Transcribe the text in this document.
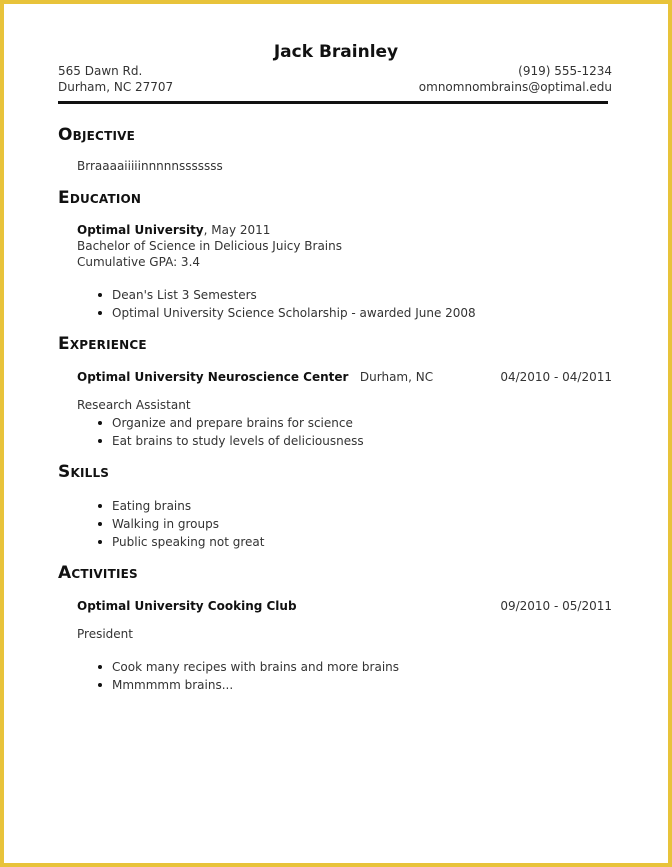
Jack Brainley
565 Dawn Rd.
Durham, NC 27707
(919) 555-1234
omnomnombrains@optimal.edu
Objective
Brraaaaiiiiinnnnnsssssss
Education
Optimal University, May 2011
Bachelor of Science in Delicious Juicy Brains
Cumulative GPA: 3.4
Dean's List 3 Semesters
Optimal University Science Scholarship - awarded June 2008
Experience
Optimal University Neuroscience Center Durham, NC	04/2010 - 04/2011
Research Assistant
Organize and prepare brains for science
Eat brains to study levels of deliciousness
Skills
Eating brains
Walking in groups
Public speaking not great
Activities
Optimal University Cooking Club	09/2010 - 05/2011
President
Cook many recipes with brains and more brains
Mmmmmm brains...
